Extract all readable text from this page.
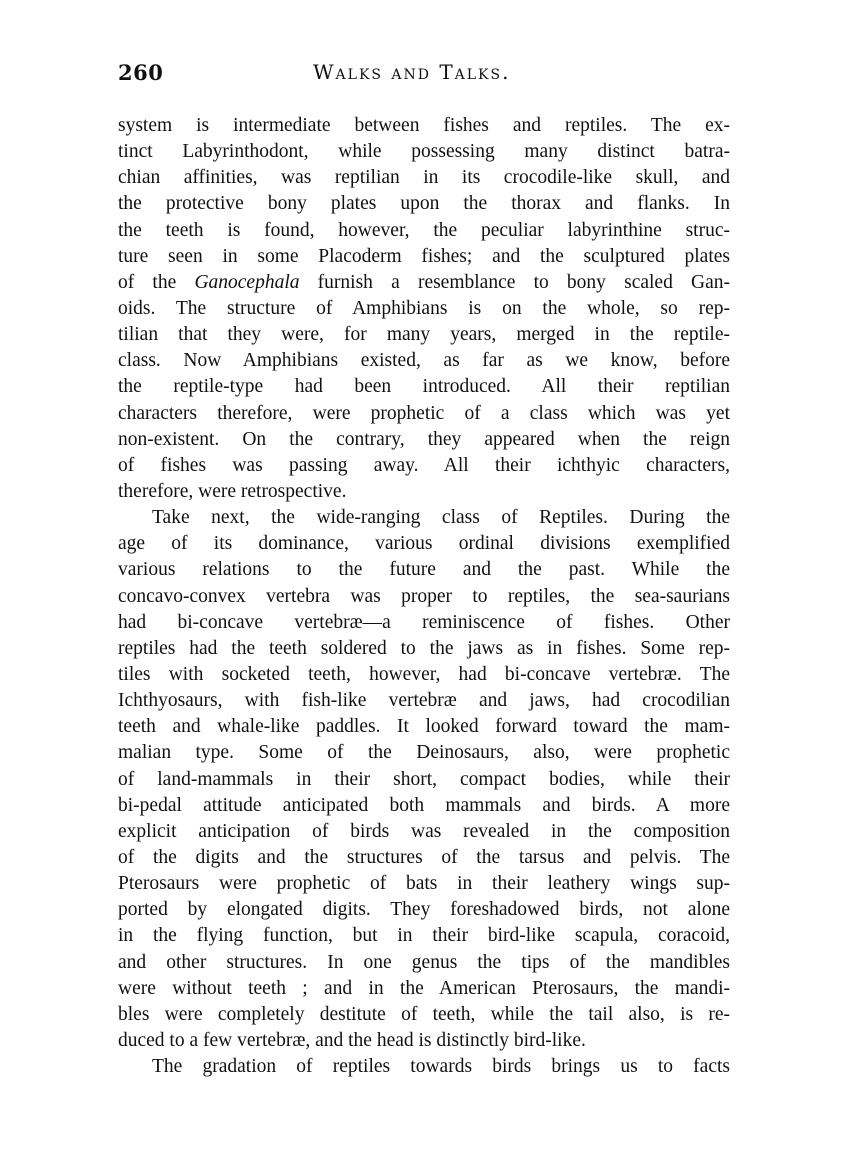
260	Walks and Talks.
system is intermediate between fishes and reptiles. The ex-
tinct Labyrinthodont, while possessing many distinct batra-
chian affinities, was reptilian in its crocodile-like skull, and
the protective bony plates upon the thorax and flanks. In
the teeth is found, however, the peculiar labyrinthine struc-
ture seen in some Placoderm fishes; and the sculptured plates
of the Ganocephala furnish a resemblance to bony scaled Gan-
oids. The structure of Amphibians is on the whole, so rep-
tilian that they were, for many years, merged in the reptile-
class. Now Amphibians existed, as far as we know, before
the reptile-type had been introduced. All their reptilian
characters therefore, were prophetic of a class which was yet
non-existent. On the contrary, they appeared when the reign
of fishes was passing away. All their ichthyic characters,
therefore, were retrospective.
Take next, the wide-ranging class of Reptiles. During the
age of its dominance, various ordinal divisions exemplified
various relations to the future and the past. While the
concavo-convex vertebra was proper to reptiles, the sea-saurians
had bi-concave vertebræ—a reminiscence of fishes. Other
reptiles had the teeth soldered to the jaws as in fishes. Some rep-
tiles with socketed teeth, however, had bi-concave vertebræ. The
Ichthyosaurs, with fish-like vertebræ and jaws, had crocodilian
teeth and whale-like paddles. It looked forward toward the mam-
malian type. Some of the Deinosaurs, also, were prophetic
of land-mammals in their short, compact bodies, while their
bi-pedal attitude anticipated both mammals and birds. A more
explicit anticipation of birds was revealed in the composition
of the digits and the structures of the tarsus and pelvis. The
Pterosaurs were prophetic of bats in their leathery wings sup-
ported by elongated digits. They foreshadowed birds, not alone
in the flying function, but in their bird-like scapula, coracoid,
and other structures. In one genus the tips of the mandibles
were without teeth ; and in the American Pterosaurs, the mandi-
bles were completely destitute of teeth, while the tail also, is re-
duced to a few vertebræ, and the head is distinctly bird-like.
The gradation of reptiles towards birds brings us to facts
